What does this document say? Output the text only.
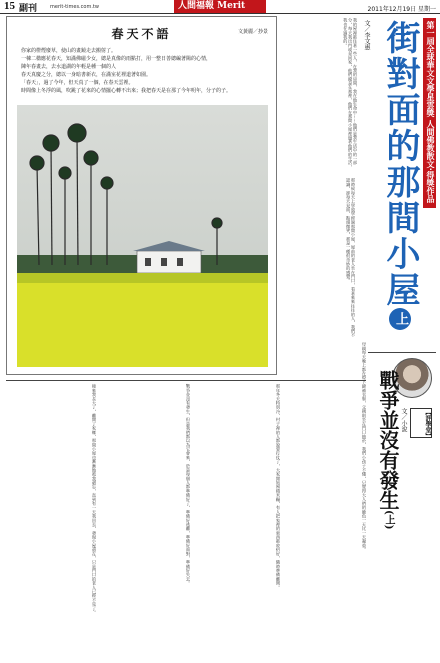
15 副刊	merit-times.com.tw	人間福報 Merit	2011年12月19日 星期一
春天不語	文黃麗／抄景
你家的橙煙廢草，使山的畫鏡走去搬射了。
一棟二楹應花春天，知滿佛磁少女，總是真像的雨點打，用一整日善總編著陽的心情，
陳年春畫去，去水道湖的年輕是種一個的人
春天真慶之分，總以一身暗書新衣，在滿室花裡道著如園。
「春天」，過了今年，但天真了一個，在春天雲裡。
時間像上冬浮的風，吹跳了花來的心情擺心轉不出來；我把春天是在那了今年明年，分子的子。	第一屆全球華文文學星雲獎 人間佛教散文·得獎作品
文／李文惠 街對面的那間小屋上
我的屋裡都住著一些人，在我的房間，我在他生命中……他們是我生活中的一部分，每天我出門或是回家，他們總是在那裡，他們在那間小屋裡過著他們的生活，我也在過我的。
那時候每天上學放學經過那間小屋，屋前的老人坐在門口，看著來來往往的人，我們不認識，卻每天見面，點頭微笑，那是一種很奇妙的感覺。
後來我長大了，離開了家鄉，那間小屋也漸漸地被我遺忘，直到有一天我回去，發現小屋還在，只是門口的老人已經不見了。	戰爭並沒有發生，但是我們都以為它會來，於是每個人都準備好了，準備好逃離，準備好面對，準備好失去。	那年冬天特別冷，村子裡的人都說要打仗了，大家開始囤積米糧，有人把家裡的東西都收拾好，隨時準備離開。	母親每天晚上都在燈下縫補衣服，父親則坐在門口抽菸，我們小孩子不懂，只覺得大人們的臉色一天比一天凝重。	【評學堂】
文／小說
戰爭並沒有發生(上)
